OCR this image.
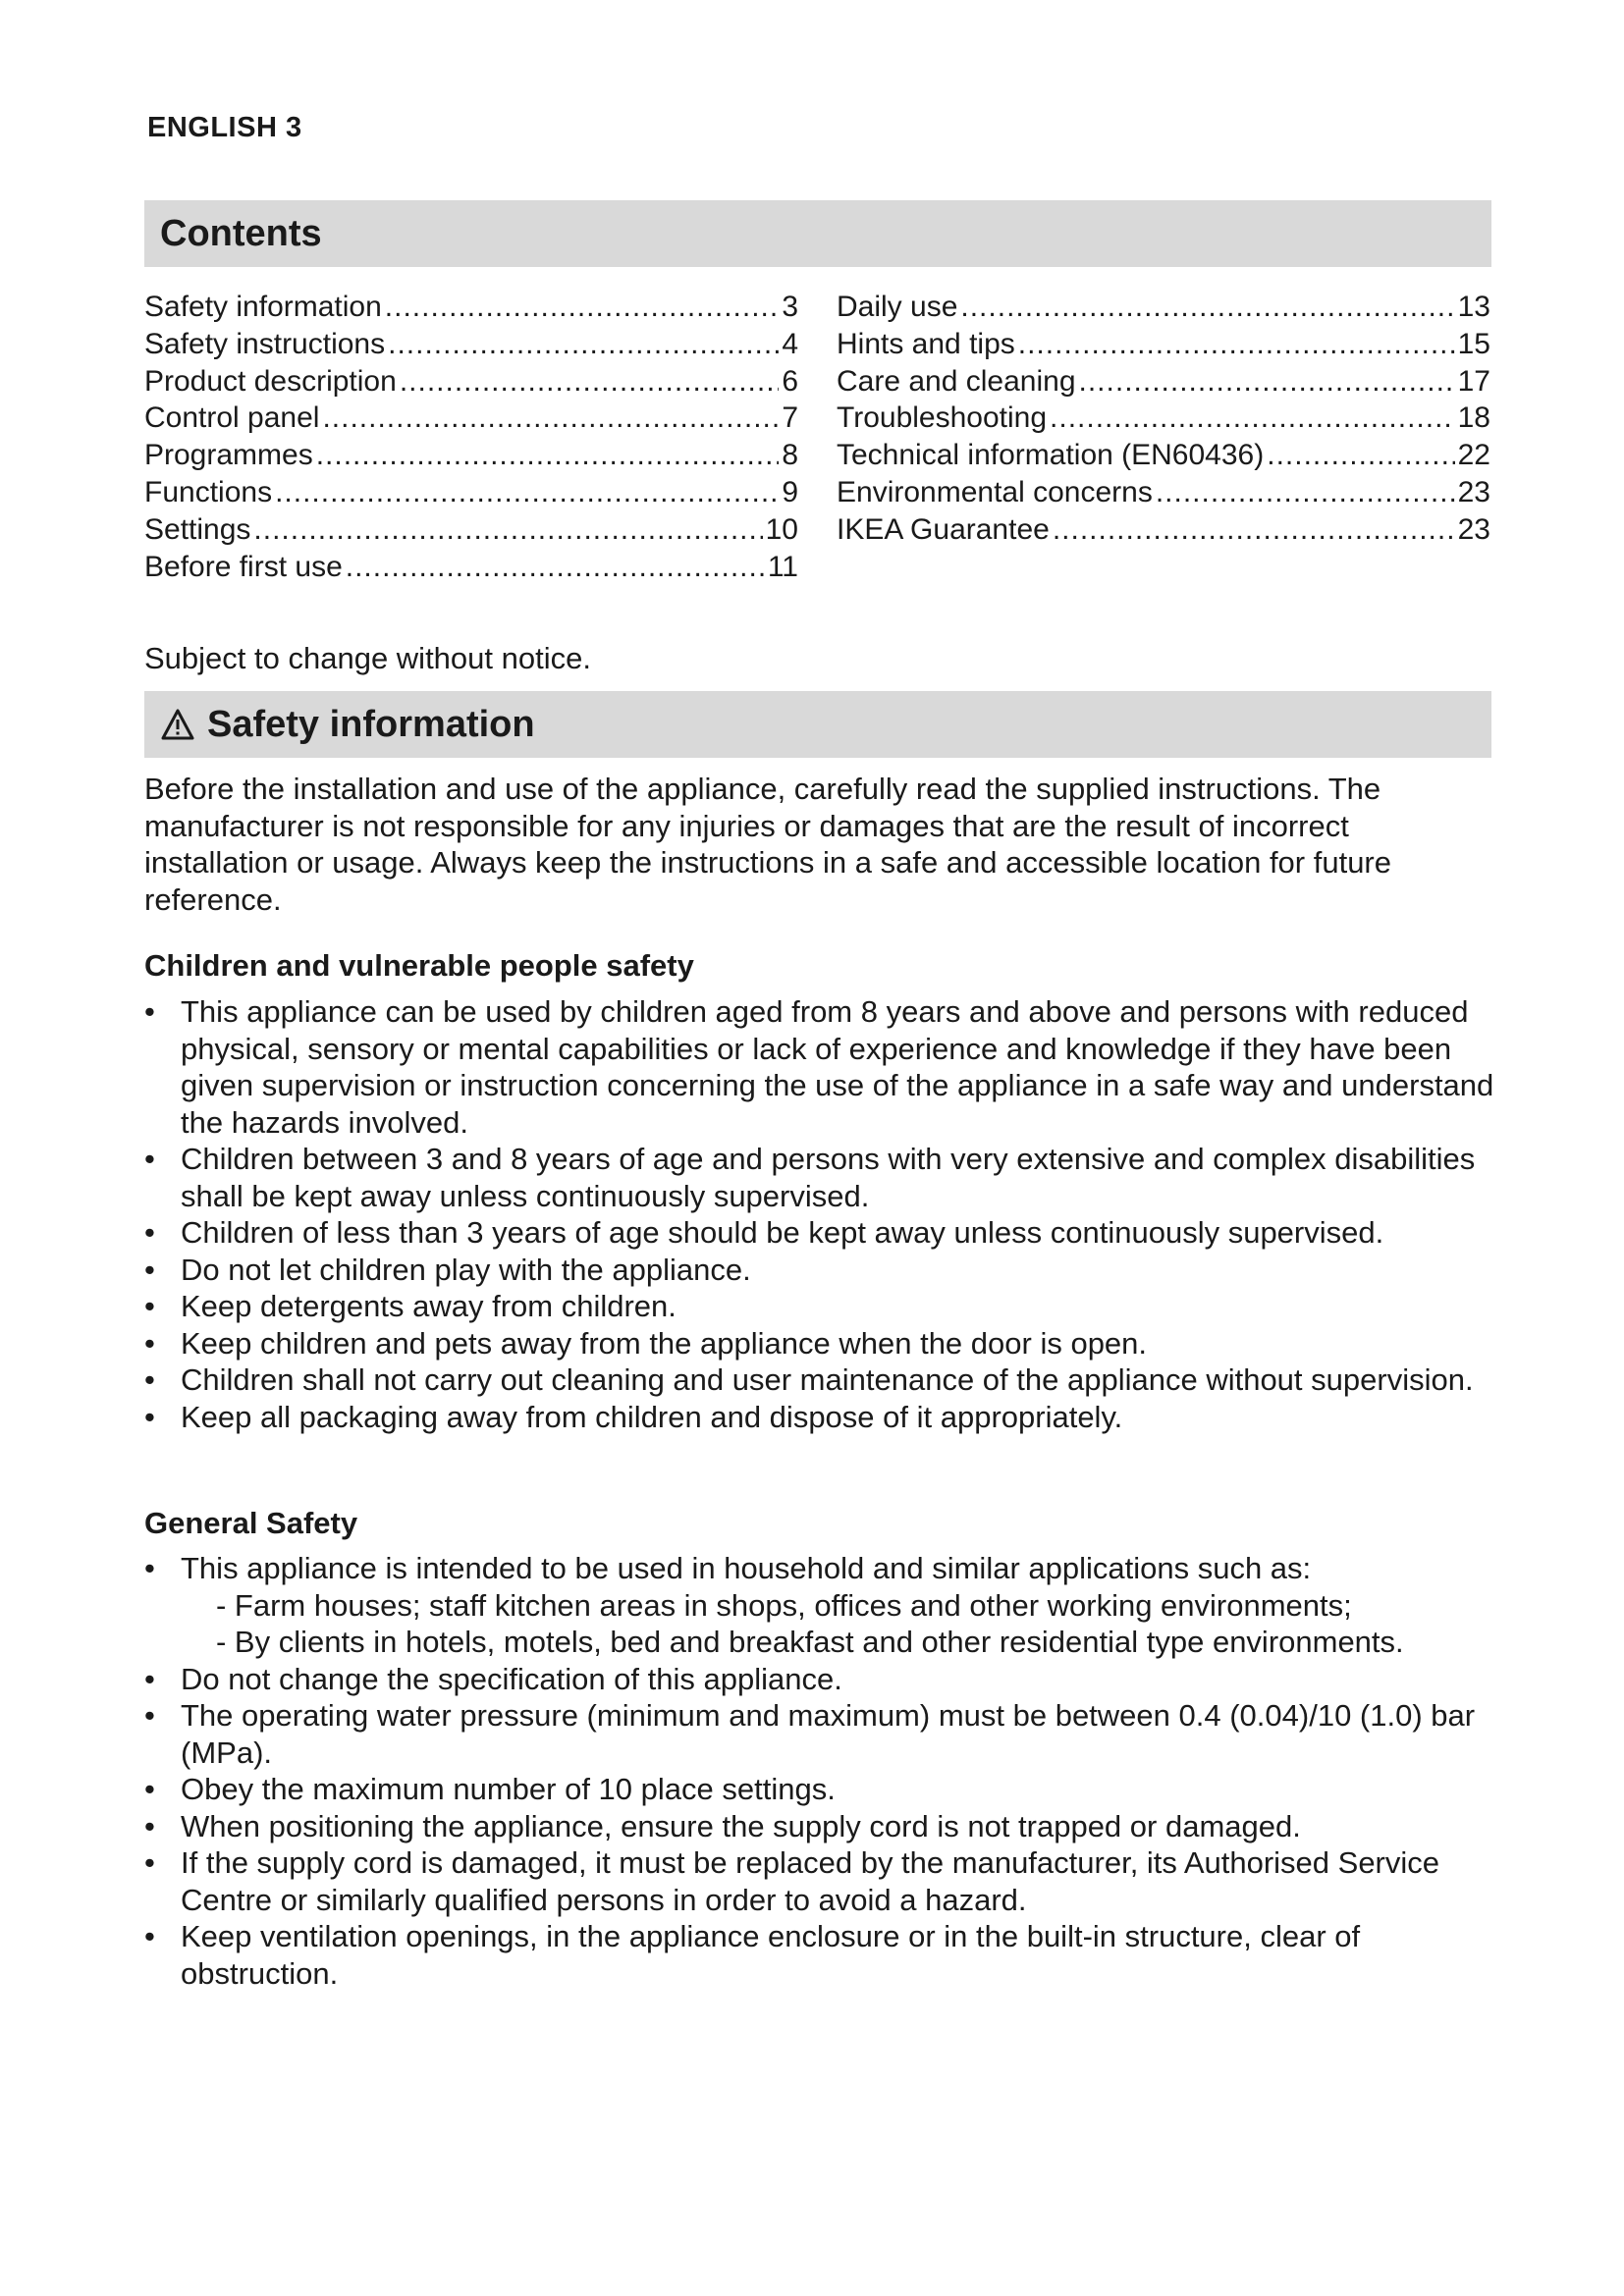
ENGLISH 3
Contents
Safety information .....	3
Safety instructions .....	4
Product description .....	6
Control panel .....	7
Programmes .....	8
Functions .....	9
Settings .....	10
Before first use .....	11
Daily use .....	13
Hints and tips .....	15
Care and cleaning .....	17
Troubleshooting .....	18
Technical information (EN60436) .....	22
Environmental concerns .....	23
IKEA Guarantee .....	23
Subject to change without notice.
Safety information
Before the installation and use of the appliance, carefully read the supplied instructions. The manufacturer is not responsible for any injuries or damages that are the result of incorrect installation or usage. Always keep the instructions in a safe and accessible location for future reference.
Children and vulnerable people safety
• This appliance can be used by children aged from 8 years and above and persons with reduced physical, sensory or mental capabilities or lack of experience and knowledge if they have been given supervision or instruction concerning the use of the appliance in a safe way and understand the hazards involved.
• Children between 3 and 8 years of age and persons with very extensive and complex disabilities shall be kept away unless continuously supervised.
• Children of less than 3 years of age should be kept away unless continuously supervised.
• Do not let children play with the appliance.
• Keep detergents away from children.
• Keep children and pets away from the appliance when the door is open.
• Children shall not carry out cleaning and user maintenance of the appliance without supervision.
• Keep all packaging away from children and dispose of it appropriately.
General Safety
• This appliance is intended to be used in household and similar applications such as:
- Farm houses; staff kitchen areas in shops, offices and other working environments;
- By clients in hotels, motels, bed and breakfast and other residential type environments.
• Do not change the specification of this appliance.
• The operating water pressure (minimum and maximum) must be between 0.4 (0.04)/10 (1.0) bar (MPa).
• Obey the maximum number of 10 place settings.
• When positioning the appliance, ensure the supply cord is not trapped or damaged.
• If the supply cord is damaged, it must be replaced by the manufacturer, its Authorised Service Centre or similarly qualified persons in order to avoid a hazard.
• Keep ventilation openings, in the appliance enclosure or in the built-in structure, clear of obstruction.
